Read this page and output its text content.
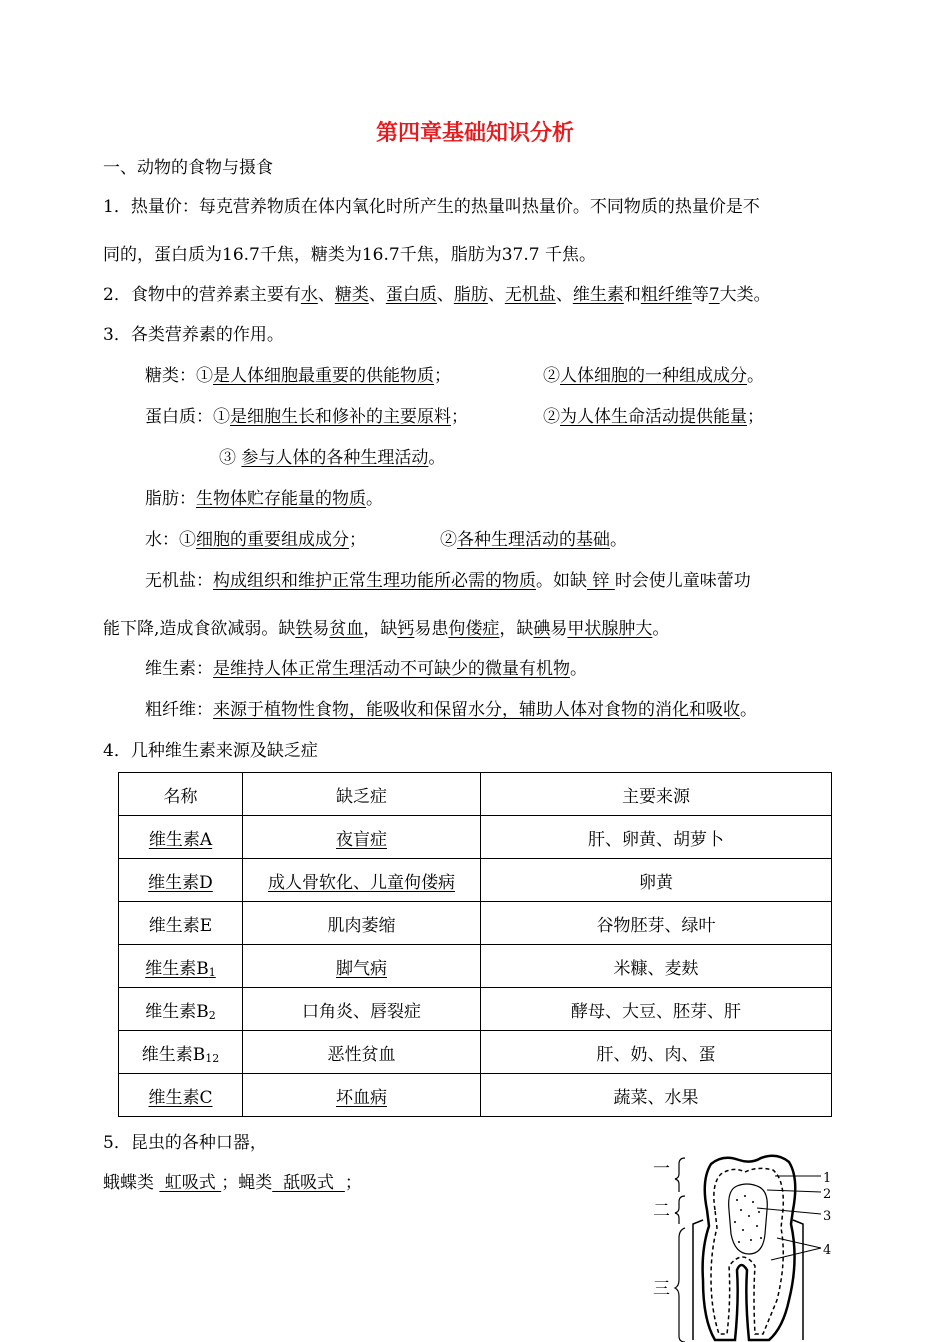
第四章基础知识分析
一、动物的食物与摄食
1．热量价：每克营养物质在体内氧化时所产生的热量叫热量价。不同物质的热量价是不
同的，蛋白质为16.7千焦，糖类为16.7千焦，脂肪为37.7 千焦。
2．食物中的营养素主要有水、糖类、蛋白质、脂肪、无机盐、维生素和粗纤维等7大类。
3．各类营养素的作用。
糖类：①是人体细胞最重要的供能物质；	②人体细胞的一种组成成分。
蛋白质：①是细胞生长和修补的主要原料；	②为人体生命活动提供能量；
③ 参与人体的各种生理活动。
脂肪：生物体贮存能量的物质。
水：①细胞的重要组成成分；	②各种生理活动的基础。
无机盐：构成组织和维护正常生理功能所必需的物质。如缺 锌 时会使儿童味蕾功
能下降,造成食欲减弱。缺铁易贫血，缺钙易患佝偻症，缺碘易甲状腺肿大。
维生素：是维持人体正常生理活动不可缺少的微量有机物。
粗纤维：来源于植物性食物，能吸收和保留水分，辅助人体对食物的消化和吸收。
4．几种维生素来源及缺乏症
名称	缺乏症	主要来源
维生素A	夜盲症	肝、卵黄、胡萝卜
维生素D	成人骨软化、儿童佝偻病	卵黄
维生素E	肌肉萎缩	谷物胚芽、绿叶
维生素B1	脚气病	米糠、麦麸
维生素B2	口角炎、唇裂症	酵母、大豆、胚芽、肝
维生素B12	恶性贫血	肝、奶、肉、蛋
维生素C	坏血病	蔬菜、水果
5．昆虫的各种口器，
蛾蝶类  虹吸式 ；蝇类  舐吸式  ；
一
二
三
1
2
3
4
